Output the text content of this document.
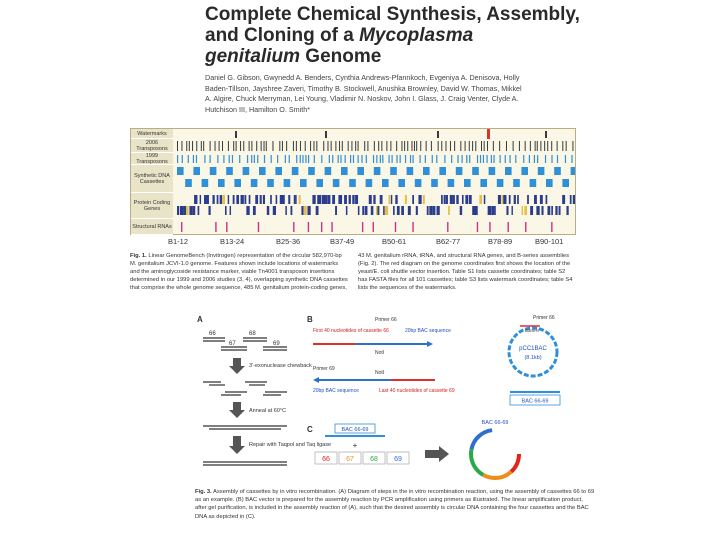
Complete Chemical Synthesis, Assembly,
and Cloning of a Mycoplasma
genitalium Genome
Daniel G. Gibson, Gwynedd A. Benders, Cynthia Andrews-Pfannkoch, Evgeniya A. Denisova, Holly Baden-Tillson, Jayshree Zaveri, Timothy B. Stockwell, Anushka Brownley, David W. Thomas, Mikkel A. Algire, Chuck Merryman, Lei Young, Vladimir N. Noskov, John I. Glass, J. Craig Venter, Clyde A. Hutchison III, Hamilton O. Smith*
Watermarks
2006 Transposons
1999 Transposons
Synthetic DNA Cassettes
Protein Coding Genes
Structural RNAs
B1-12	B13-24	B25-36	B37-49	B50-61	B62-77	B78-89	B90-101
Fig. 1. Linear GenomeBench (Invitrogen) representation of the circular 582,970-bp M. genitalium JCVI-1.0 genome. Features shown include locations of watermarks and the aminoglycoside resistance marker, viable Tn4001 transposon insertions determined in our 1999 and 2006 studies (3, 4), overlapping synthetic DNA cassettes that comprise the whole genome sequence, 485 M. genitalium protein-coding genes, 43 M. genitalium rRNA, tRNA, and structural RNA genes, and B-series assemblies (Fig. 2). The red diagram on the genome coordinates first shows the location of the yeast/E. coli shuttle vector insertion. Table S1 lists cassette coordinates; table S2 has FASTA files for all 101 cassettes; table S3 lists watermark coordinates; table S4 lists the sequences of the watermarks.
A
66
67
68
69
3'-exonuclease chewback
Anneal at 60°C
Repair with Taqpol and Taq ligase
B	Primer 66
First 40 nucleotides of cassette 66	20bp BAC sequence
NotI
Primer 69
NotI
20bp BAC sequence	Last 40 nucleotides of cassette 69
Primer 66
pCC1BAC
(8.1kb)
BamHI
BAC 66-69
C	BAC 66-69
+
66 67 68 69
BAC 66-69
Fig. 3. Assembly of cassettes by in vitro recombination. (A) Diagram of steps in the in vitro recombination reaction, using the assembly of cassettes 66 to 69 as an example. (B) BAC vector is prepared for the assembly reaction by PCR amplification using primers as illustrated. The linear amplification product, after gel purification, is included in the assembly reaction of (A), such that the desired assembly is circular DNA containing the four cassettes and the BAC DNA as depicted in (C).
